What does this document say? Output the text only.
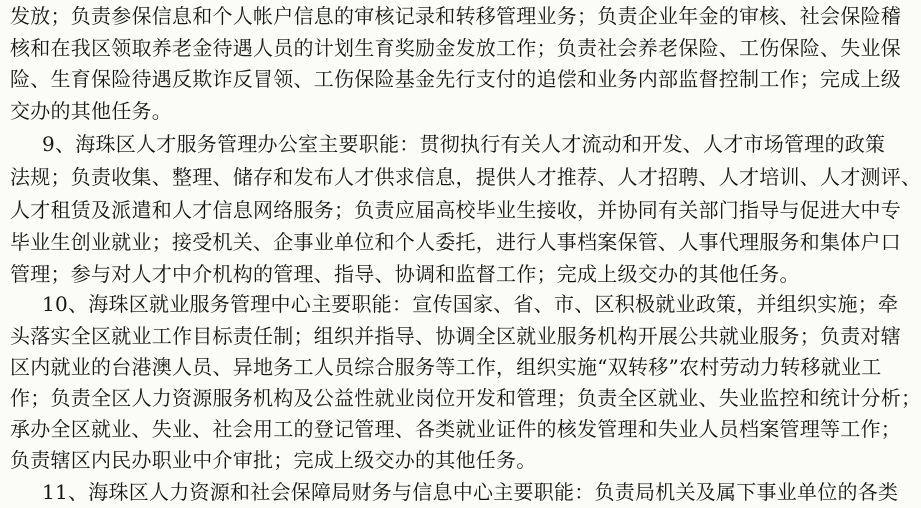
发放；负责参保信息和个人帐户信息的审核记录和转移管理业务；负责企业年金的审核、社会保险稽
核和在我区领取养老金待遇人员的计划生育奖励金发放工作；负责社会养老保险、工伤保险、失业保
险、生育保险待遇反欺诈反冒领、工伤保险基金先行支付的追偿和业务内部监督控制工作；完成上级
交办的其他任务。
9、海珠区人才服务管理办公室主要职能：贯彻执行有关人才流动和开发、人才市场管理的政策
法规；负责收集、整理、储存和发布人才供求信息，提供人才推荐、人才招聘、人才培训、人才测评、
人才租赁及派遣和人才信息网络服务；负责应届高校毕业生接收，并协同有关部门指导与促进大中专
毕业生创业就业；接受机关、企事业单位和个人委托，进行人事档案保管、人事代理服务和集体户口
管理；参与对人才中介机构的管理、指导、协调和监督工作；完成上级交办的其他任务。
10、海珠区就业服务管理中心主要职能：宣传国家、省、市、区积极就业政策，并组织实施；牵
头落实全区就业工作目标责任制；组织并指导、协调全区就业服务机构开展公共就业服务；负责对辖
区内就业的台港澳人员、异地务工人员综合服务等工作，组织实施“双转移”农村劳动力转移就业工
作；负责全区人力资源服务机构及公益性就业岗位开发和管理；负责全区就业、失业监控和统计分析；
承办全区就业、失业、社会用工的登记管理、各类就业证件的核发管理和失业人员档案管理等工作；
负责辖区内民办职业中介审批；完成上级交办的其他任务。
11、海珠区人力资源和社会保障局财务与信息中心主要职能：负责局机关及属下事业单位的各类
